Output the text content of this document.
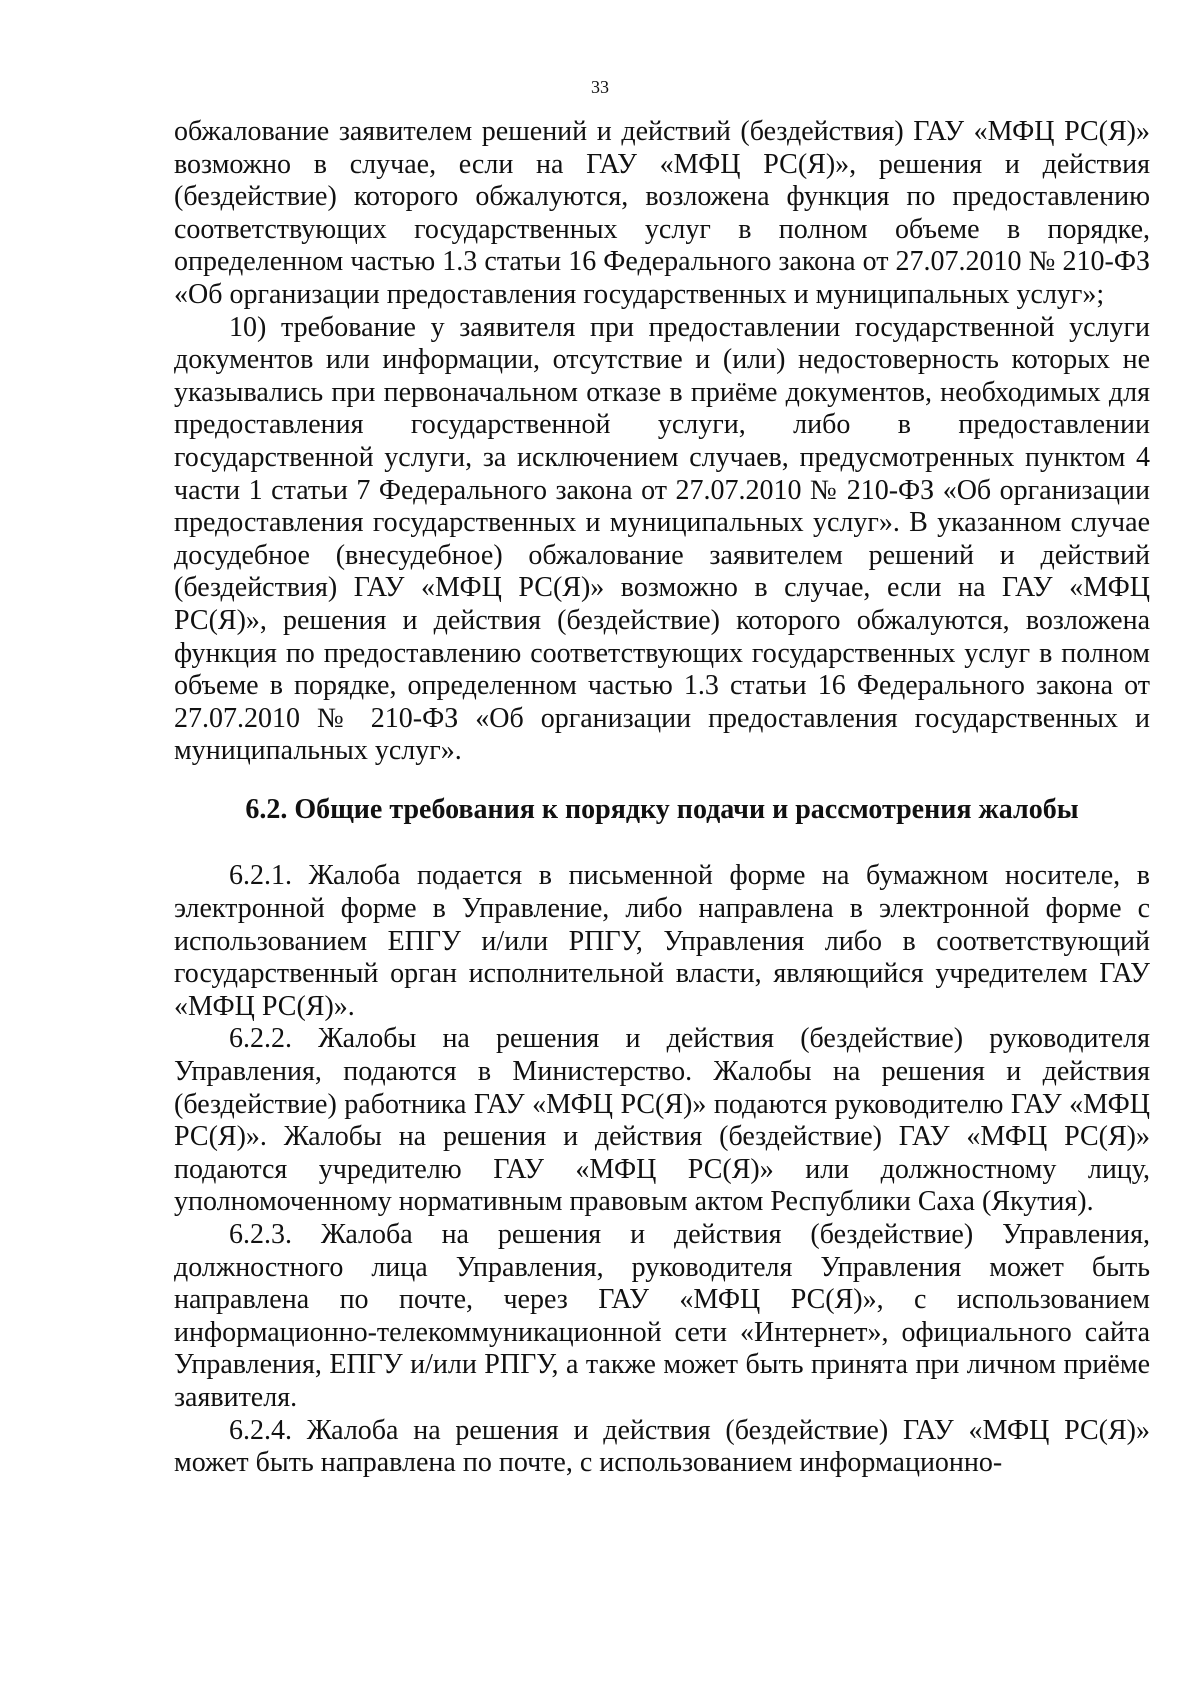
33

обжалование заявителем решений и действий (бездействия) ГАУ «МФЦ РС(Я)» возможно в случае, если на ГАУ «МФЦ РС(Я)», решения и действия (бездействие) которого обжалуются, возложена функция по предоставлению соответствующих государственных услуг в полном объеме в порядке, определенном частью 1.3 статьи 16 Федерального закона от 27.07.2010 № 210-ФЗ «Об организации предоставления государственных и муниципальных услуг»;

10) требование у заявителя при предоставлении государственной услуги документов или информации, отсутствие и (или) недостоверность которых не указывались при первоначальном отказе в приёме документов, необходимых для предоставления государственной услуги, либо в предоставлении государственной услуги, за исключением случаев, предусмотренных пунктом 4 части 1 статьи 7 Федерального закона от 27.07.2010 № 210-ФЗ «Об организации предоставления государственных и муниципальных услуг». В указанном случае досудебное (внесудебное) обжалование заявителем решений и действий (бездействия) ГАУ «МФЦ РС(Я)» возможно в случае, если на ГАУ «МФЦ РС(Я)», решения и действия (бездействие) которого обжалуются, возложена функция по предоставлению соответствующих государственных услуг в полном объеме в порядке, определенном частью 1.3 статьи 16 Федерального закона от 27.07.2010 № 210-ФЗ «Об организации предоставления государственных и муниципальных услуг».

6.2. Общие требования к порядку подачи и рассмотрения жалобы

6.2.1. Жалоба подается в письменной форме на бумажном носителе, в электронной форме в Управление, либо направлена в электронной форме с использованием ЕПГУ и/или РПГУ, Управления либо в соответствующий государственный орган исполнительной власти, являющийся учредителем ГАУ «МФЦ РС(Я)».

6.2.2. Жалобы на решения и действия (бездействие) руководителя Управления, подаются в Министерство. Жалобы на решения и действия (бездействие) работника ГАУ «МФЦ РС(Я)» подаются руководителю ГАУ «МФЦ РС(Я)». Жалобы на решения и действия (бездействие) ГАУ «МФЦ РС(Я)» подаются учредителю ГАУ «МФЦ РС(Я)» или должностному лицу, уполномоченному нормативным правовым актом Республики Саха (Якутия).

6.2.3. Жалоба на решения и действия (бездействие) Управления, должностного лица Управления, руководителя Управления может быть направлена по почте, через ГАУ «МФЦ РС(Я)», с использованием информационно-телекоммуникационной сети «Интернет», официального сайта Управления, ЕПГУ и/или РПГУ, а также может быть принята при личном приёме заявителя.

6.2.4. Жалоба на решения и действия (бездействие) ГАУ «МФЦ РС(Я)» может быть направлена по почте, с использованием информационно-
